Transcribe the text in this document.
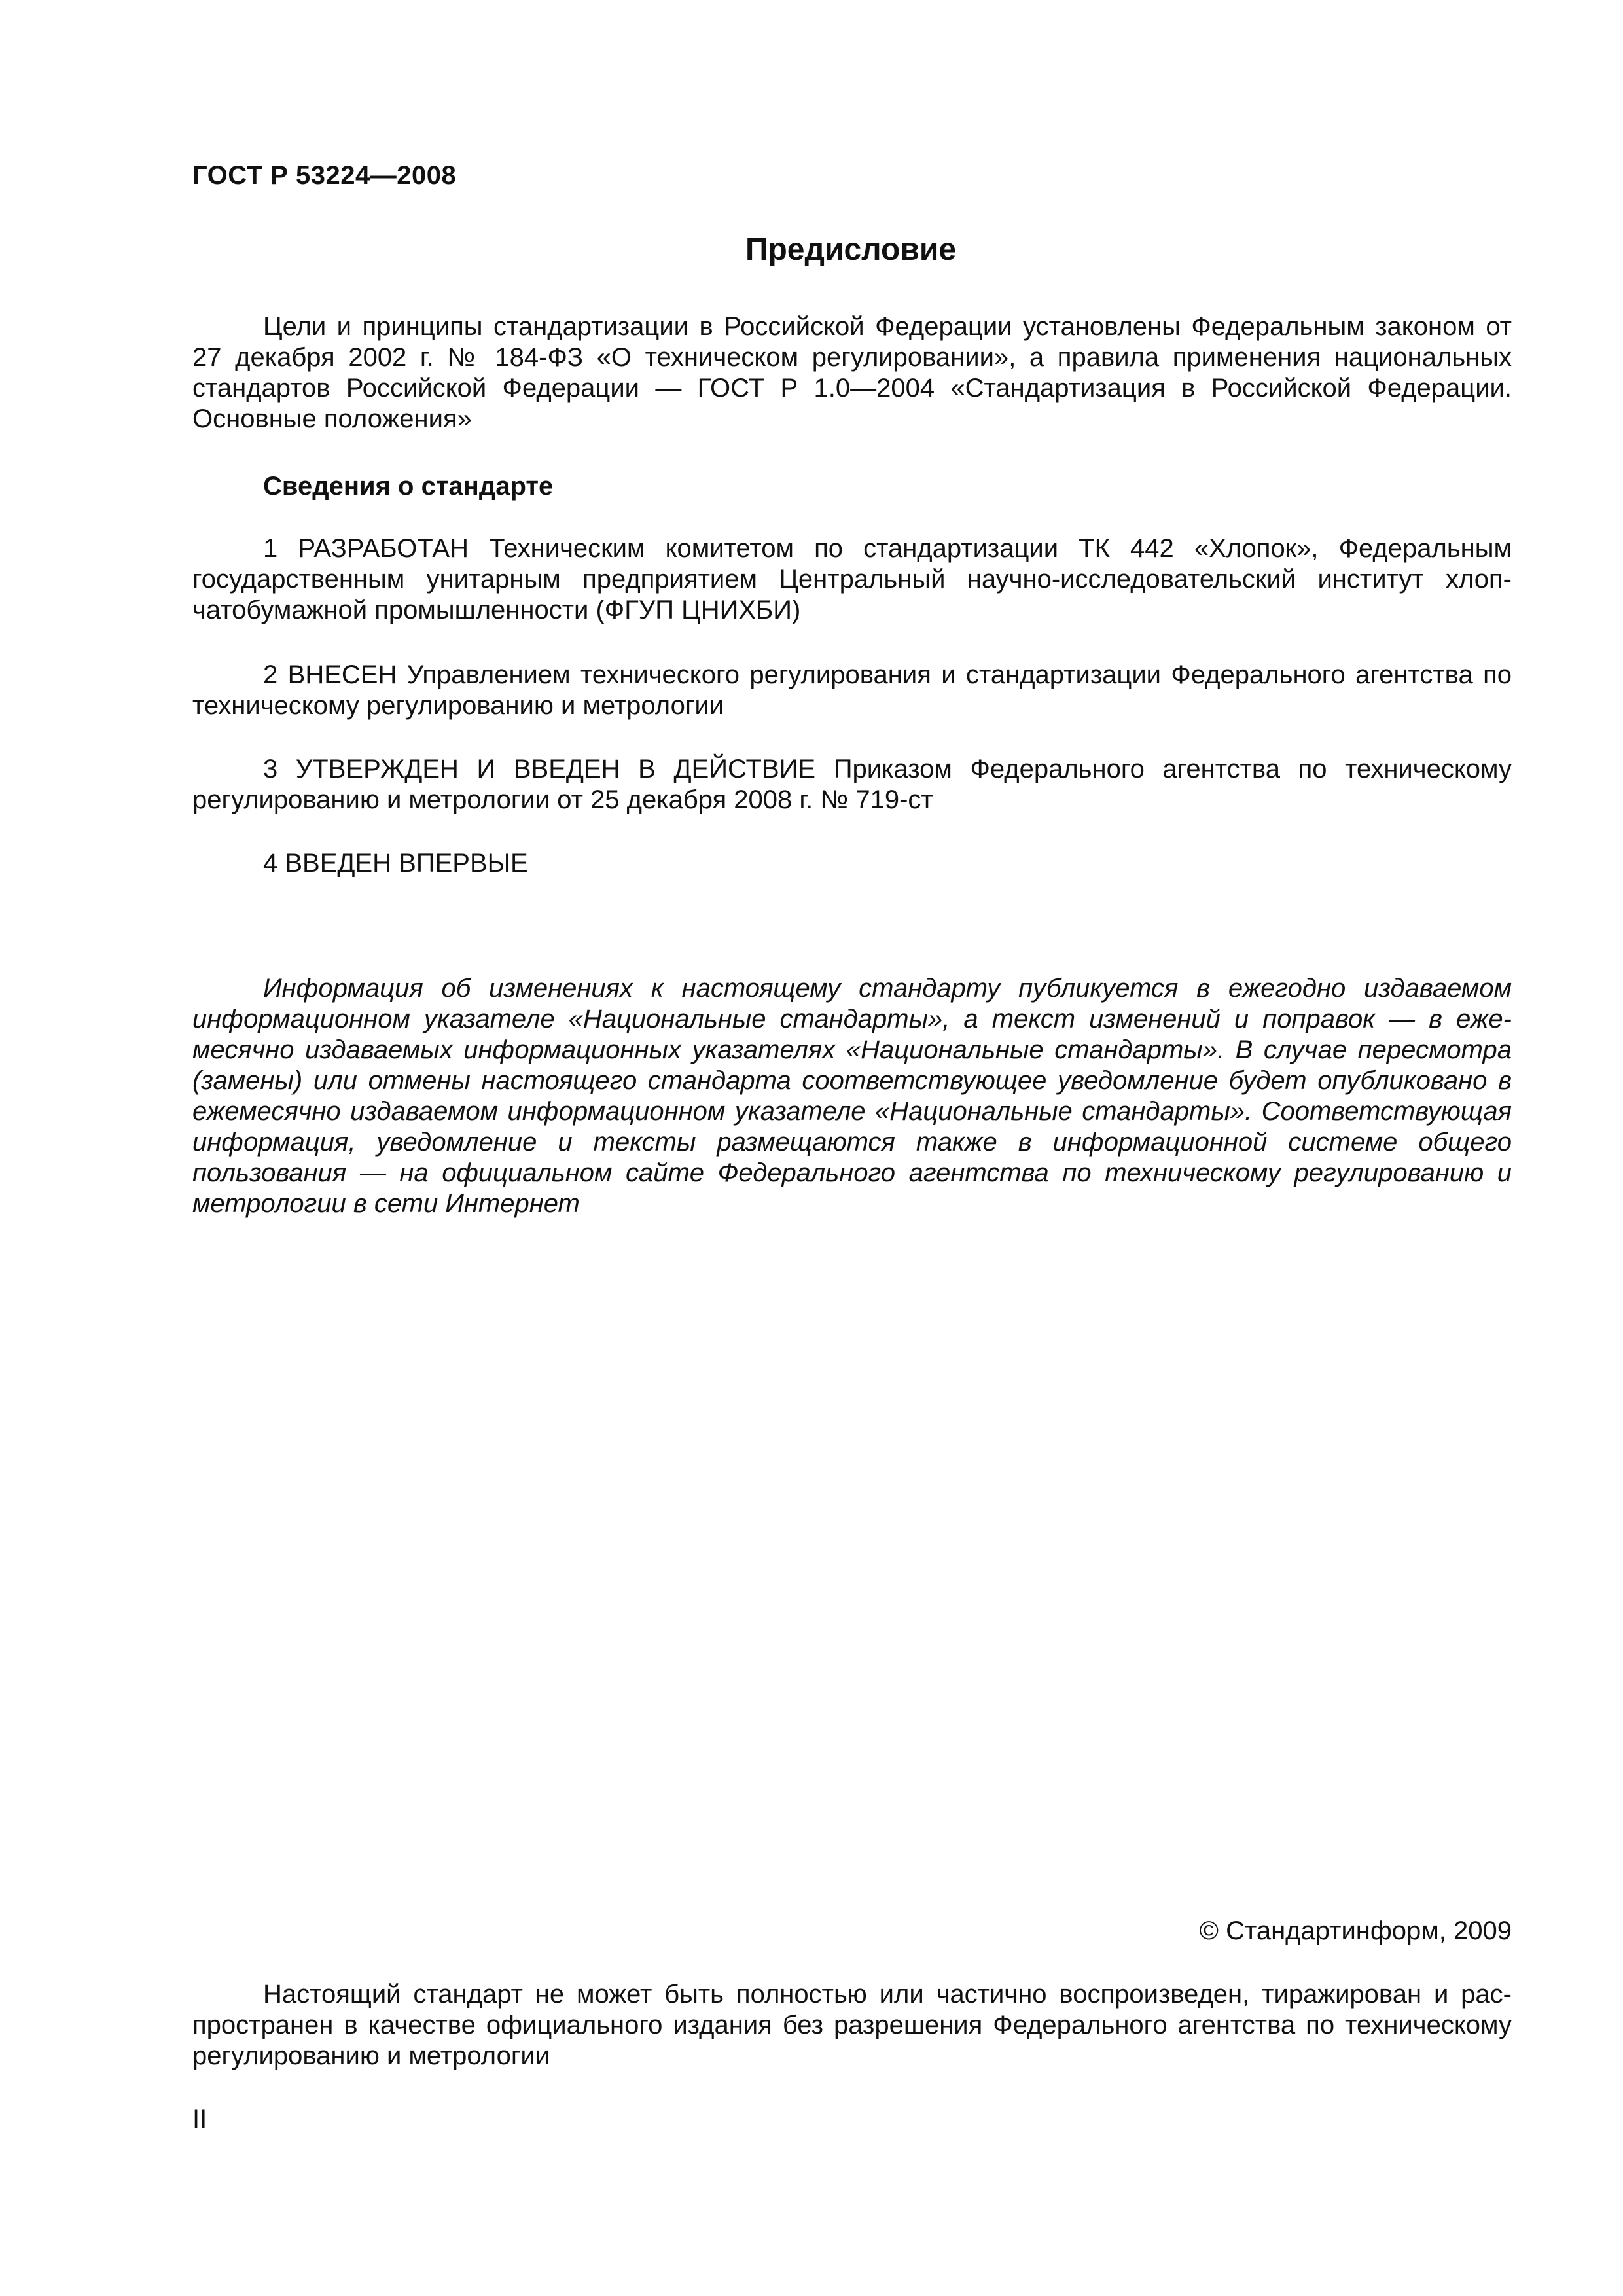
ГОСТ Р 53224—2008
Предисловие

Цели и принципы стандартизации в Российской Федерации установлены Федеральным законом от 27 декабря 2002 г. № 184-ФЗ «О техническом регулировании», а правила применения национальных стандартов Российской Федерации — ГОСТ Р 1.0—2004 «Стандартизация в Российской Федерации. Основные положения»

Сведения о стандарте

1 РАЗРАБОТАН Техническим комитетом по стандартизации ТК 442 «Хлопок», Федеральным государственным унитарным предприятием Центральный научно-исследовательский институт хлопчатобумажной промышленности (ФГУП ЦНИХБИ)

2 ВНЕСЕН Управлением технического регулирования и стандартизации Федерального агентства по техническому регулированию и метрологии

3 УТВЕРЖДЕН И ВВЕДЕН В ДЕЙСТВИЕ Приказом Федерального агентства по техническому регулированию и метрологии от 25 декабря 2008 г. № 719-ст

4 ВВЕДЕН ВПЕРВЫЕ

Информация об изменениях к настоящему стандарту публикуется в ежегодно издаваемом информационном указателе «Национальные стандарты», а текст изменений и поправок — в ежемесячно издаваемых информационных указателях «Национальные стандарты». В случае пересмотра (замены) или отмены настоящего стандарта соответствующее уведомление будет опубликовано в ежемесячно издаваемом информационном указателе «Национальные стандарты». Соответствующая информация, уведомление и тексты размещаются также в информационной системе общего пользования — на официальном сайте Федерального агентства по техническому регулированию и метрологии в сети Интернет

© Стандартинформ, 2009

Настоящий стандарт не может быть полностью или частично воспроизведен, тиражирован и распространен в качестве официального издания без разрешения Федерального агентства по техническому регулированию и метрологии

II
